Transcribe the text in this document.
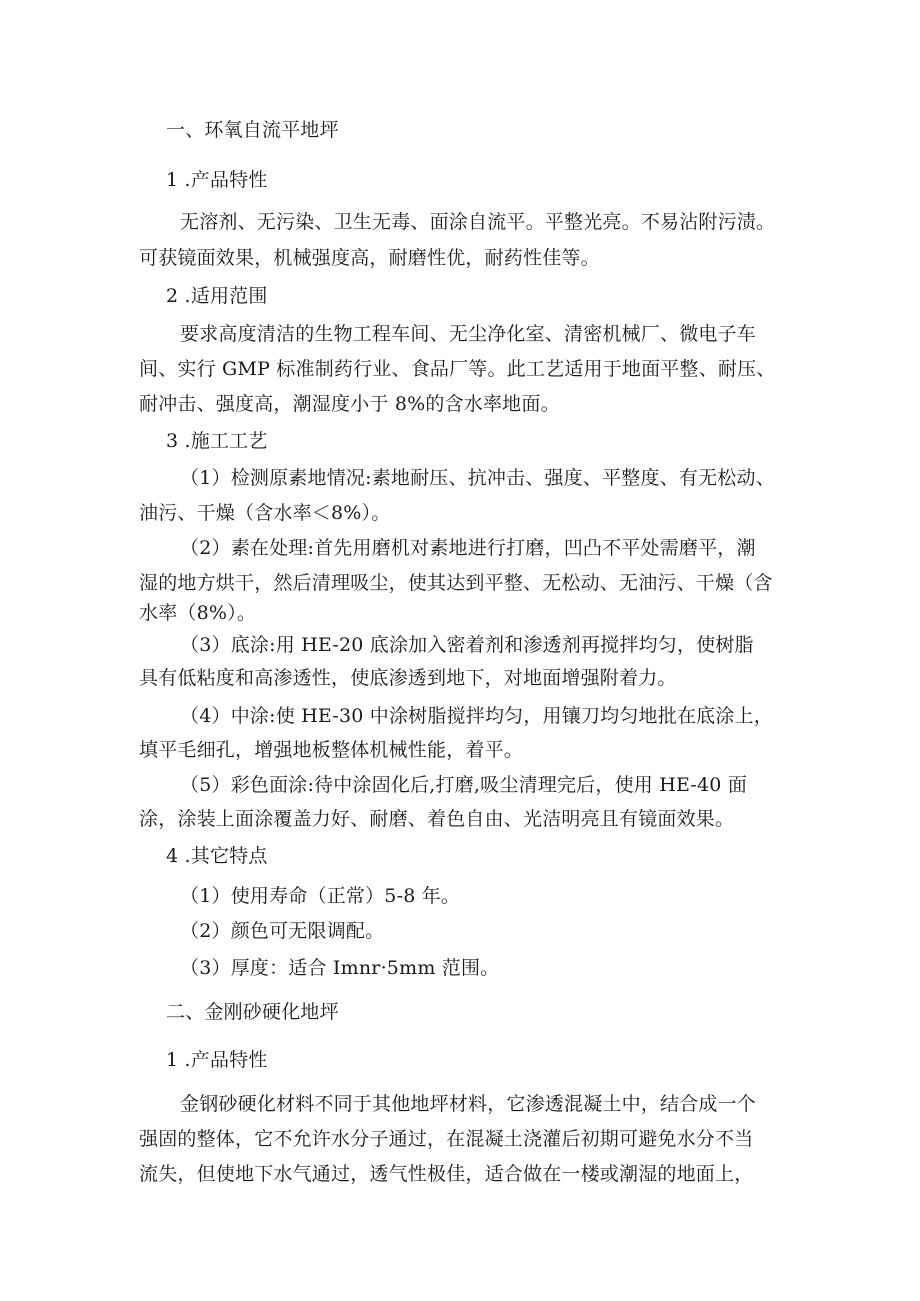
一、环氧自流平地坪
1 .产品特性
无溶剂、无污染、卫生无毒、面涂自流平。平整光亮。不易沾附污渍。
可获镜面效果，机械强度高，耐磨性优，耐药性佳等。
2 .适用范围
要求高度清洁的生物工程车间、无尘净化室、清密机械厂、微电子车
间、实行 GMP 标准制药行业、食品厂等。此工艺适用于地面平整、耐压、
耐冲击、强度高，潮湿度小于 8%的含水率地面。
3 .施工工艺
（1）检测原素地情况:素地耐压、抗冲击、强度、平整度、有无松动、
油污、干燥（含水率＜8%）。
（2）素在处理:首先用磨机对素地进行打磨，凹凸不平处需磨平，潮
湿的地方烘干，然后清理吸尘，使其达到平整、无松动、无油污、干燥（含
水率（8%）。
（3）底涂:用 HE-20 底涂加入密着剂和渗透剂再搅拌均匀，使树脂
具有低粘度和高渗透性，使底渗透到地下，对地面增强附着力。
（4）中涂:使 HE-30 中涂树脂搅拌均匀，用镶刀均匀地批在底涂上，
填平毛细孔，增强地板整体机械性能，着平。
（5）彩色面涂:待中涂固化后,打磨,吸尘清理完后，使用 HE-40 面
涂，涂装上面涂覆盖力好、耐磨、着色自由、光洁明亮且有镜面效果。
4 .其它特点
（1）使用寿命（正常）5-8 年。
（2）颜色可无限调配。
（3）厚度：适合 Imnr·5mm 范围。
二、金刚砂硬化地坪
1 .产品特性
金钢砂硬化材料不同于其他地坪材料，它渗透混凝土中，结合成一个
强固的整体，它不允许水分子通过，在混凝土浇灌后初期可避免水分不当
流失，但使地下水气通过，透气性极佳，适合做在一楼或潮湿的地面上，
